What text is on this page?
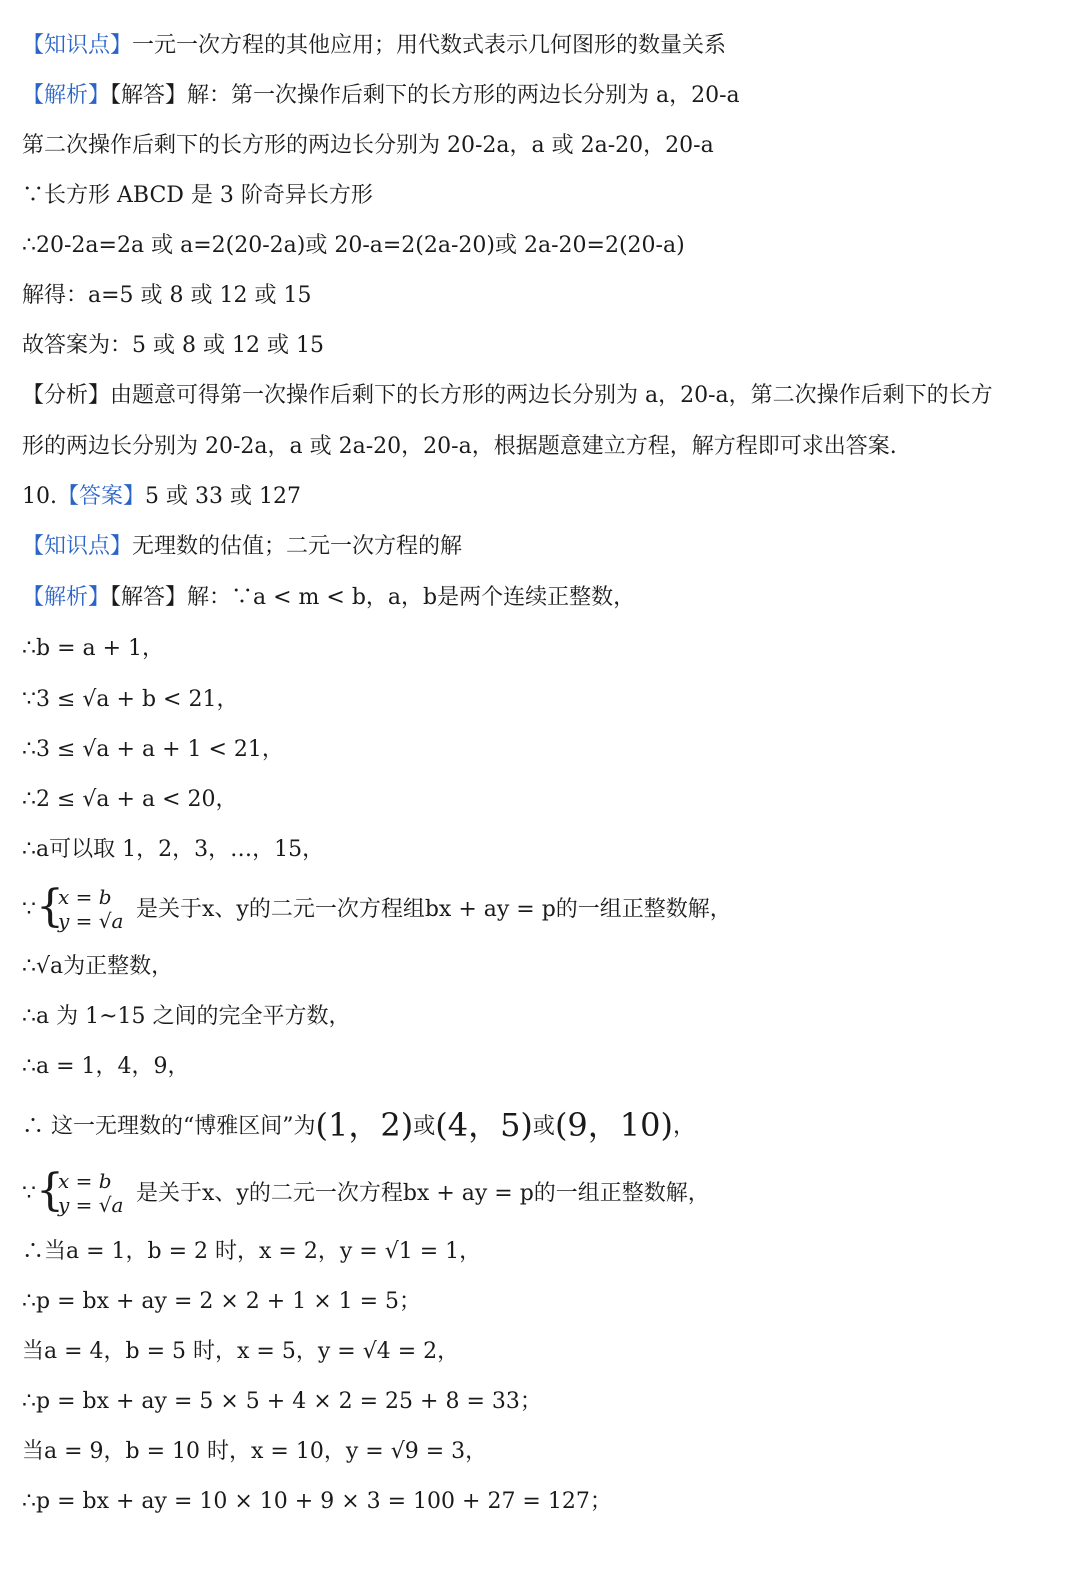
【知识点】一元一次方程的其他应用；用代数式表示几何图形的数量关系
【解析】【解答】解：第一次操作后剩下的长方形的两边长分别为 a，20-a
第二次操作后剩下的长方形的两边长分别为 20-2a，a 或 2a-20，20-a
∵长方形 ABCD 是 3 阶奇异长方形
∴20-2a=2a 或 a=2(20-2a)或 20-a=2(2a-20)或 2a-20=2(20-a)
解得：a=5 或 8 或 12 或 15
故答案为：5 或 8 或 12 或 15
【分析】由题意可得第一次操作后剩下的长方形的两边长分别为 a，20-a，第二次操作后剩下的长方
形的两边长分别为 20-2a，a 或 2a-20，20-a，根据题意建立方程，解方程即可求出答案.
10.【答案】5 或 33 或 127
【知识点】无理数的估值；二元一次方程的解
【解析】【解答】解：∵a < m < b，a，b是两个连续正整数，
∴b = a + 1，
∵3 ≤ √a + b < 21，
∴3 ≤ √a + a + 1 < 21，
∴2 ≤ √a + a < 20，
∴a可以取 1，2，3，…，15，
∵ {
x = b
y = √a 是关于x、y的二元一次方程组bx + ay = p的一组正整数解，
∴√a为正整数，
∴a 为 1~15 之间的完全平方数，
∴a = 1，4，9，
∴ 这一无理数的“博雅区间”为(1，2)或(4，5)或(9，10)，
∵ {
x = b
y = √a 是关于x、y的二元一次方程bx + ay = p的一组正整数解，
∴当a = 1，b = 2 时，x = 2，y = √1 = 1，
∴p = bx + ay = 2 × 2 + 1 × 1 = 5；
当a = 4，b = 5 时，x = 5，y = √4 = 2，
∴p = bx + ay = 5 × 5 + 4 × 2 = 25 + 8 = 33；
当a = 9，b = 10 时，x = 10，y = √9 = 3，
∴p = bx + ay = 10 × 10 + 9 × 3 = 100 + 27 = 127；
